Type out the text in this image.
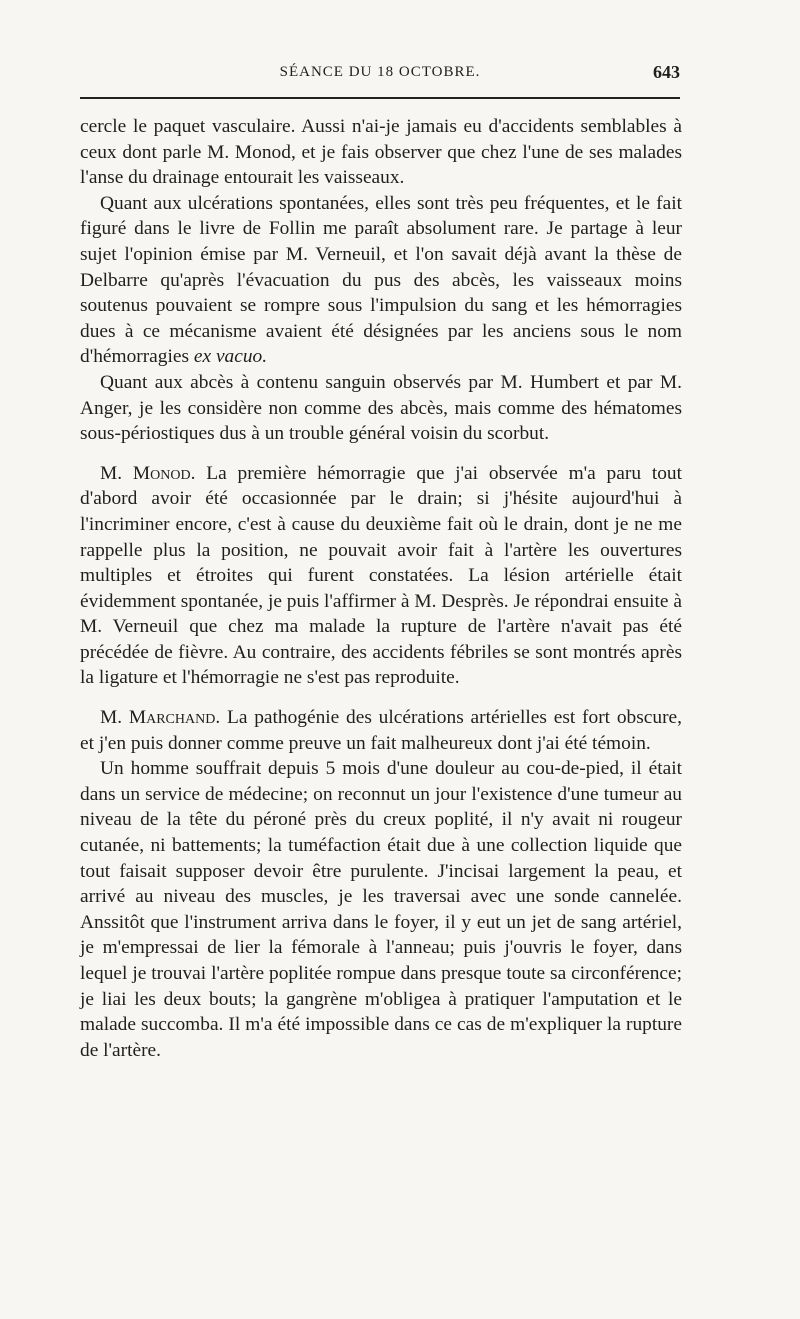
SÉANCE DU 18 OCTOBRE.	643

cercle le paquet vasculaire. Aussi n'ai-je jamais eu d'accidents semblables à ceux dont parle M. Monod, et je fais observer que chez l'une de ses malades l'anse du drainage entourait les vaisseaux.

Quant aux ulcérations spontanées, elles sont très peu fréquentes, et le fait figuré dans le livre de Follin me paraît absolument rare. Je partage à leur sujet l'opinion émise par M. Verneuil, et l'on savait déjà avant la thèse de Delbarre qu'après l'évacuation du pus des abcès, les vaisseaux moins soutenus pouvaient se rompre sous l'impulsion du sang et les hémorragies dues à ce mécanisme avaient été désignées par les anciens sous le nom d'hémorragies ex vacuo.

Quant aux abcès à contenu sanguin observés par M. Humbert et par M. Anger, je les considère non comme des abcès, mais comme des hématomes sous-périostiques dus à un trouble général voisin du scorbut.

M. Monod. La première hémorragie que j'ai observée m'a paru tout d'abord avoir été occasionnée par le drain; si j'hésite aujourd'hui à l'incriminer encore, c'est à cause du deuxième fait où le drain, dont je ne me rappelle plus la position, ne pouvait avoir fait à l'artère les ouvertures multiples et étroites qui furent constatées. La lésion artérielle était évidemment spontanée, je puis l'affirmer à M. Desprès. Je répondrai ensuite à M. Verneuil que chez ma malade la rupture de l'artère n'avait pas été précédée de fièvre. Au contraire, des accidents fébriles se sont montrés après la ligature et l'hémorragie ne s'est pas reproduite.

M. Marchand. La pathogénie des ulcérations artérielles est fort obscure, et j'en puis donner comme preuve un fait malheureux dont j'ai été témoin.

Un homme souffrait depuis 5 mois d'une douleur au cou-de-pied, il était dans un service de médecine; on reconnut un jour l'existence d'une tumeur au niveau de la tête du péroné près du creux poplité, il n'y avait ni rougeur cutanée, ni battements; la tuméfaction était due à une collection liquide que tout faisait supposer devoir être purulente. J'incisai largement la peau, et arrivé au niveau des muscles, je les traversai avec une sonde cannelée. Anssitôt que l'instrument arriva dans le foyer, il y eut un jet de sang artériel, je m'empressai de lier la fémorale à l'anneau; puis j'ouvris le foyer, dans lequel je trouvai l'artère poplitée rompue dans presque toute sa circonférence; je liai les deux bouts; la gangrène m'obligea à pratiquer l'amputation et le malade succomba. Il m'a été impossible dans ce cas de m'expliquer la rupture de l'artère.
